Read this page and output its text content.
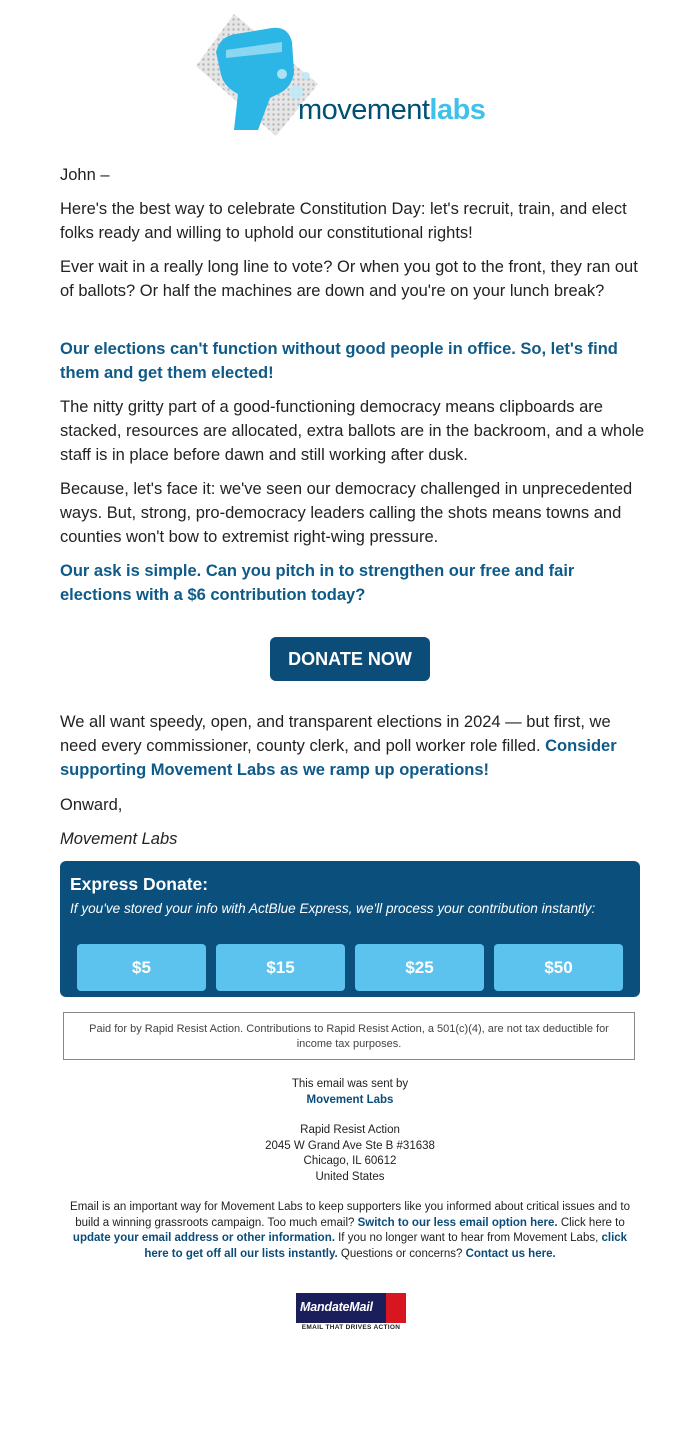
movementlabs

John –

Here's the best way to celebrate Constitution Day: let's recruit, train, and elect folks ready and willing to uphold our constitutional rights!

Ever wait in a really long line to vote? Or when you got to the front, they ran out of ballots? Or half the machines are down and you're on your lunch break?

Our elections can't function without good people in office. So, let's find them and get them elected!

The nitty gritty part of a good-functioning democracy means clipboards are stacked, resources are allocated, extra ballots are in the backroom, and a whole staff is in place before dawn and still working after dusk.

Because, let's face it: we've seen our democracy challenged in unprecedented ways. But, strong, pro-democracy leaders calling the shots means towns and counties won't bow to extremist right-wing pressure.

Our ask is simple. Can you pitch in to strengthen our free and fair elections with a $6 contribution today?

DONATE NOW

We all want speedy, open, and transparent elections in 2024 — but first, we need every commissioner, county clerk, and poll worker role filled. Consider supporting Movement Labs as we ramp up operations!

Onward,

Movement Labs

Express Donate:
If you've stored your info with ActBlue Express, we'll process your contribution instantly:
$5	$15	$25	$50
Paid for by Rapid Resist Action. Contributions to Rapid Resist Action, a 501(c)(4), are not tax deductible for income tax purposes.
This email was sent by
Movement Labs
Rapid Resist Action
2045 W Grand Ave Ste B #31638
Chicago, IL 60612
United States
Email is an important way for Movement Labs to keep supporters like you informed about critical issues and to build a winning grassroots campaign. Too much email? Switch to our less email option here. Click here to update your email address or other information. If you no longer want to hear from Movement Labs, click here to get off all our lists instantly. Questions or concerns? Contact us here.
MandateMail
EMAIL THAT DRIVES ACTION
